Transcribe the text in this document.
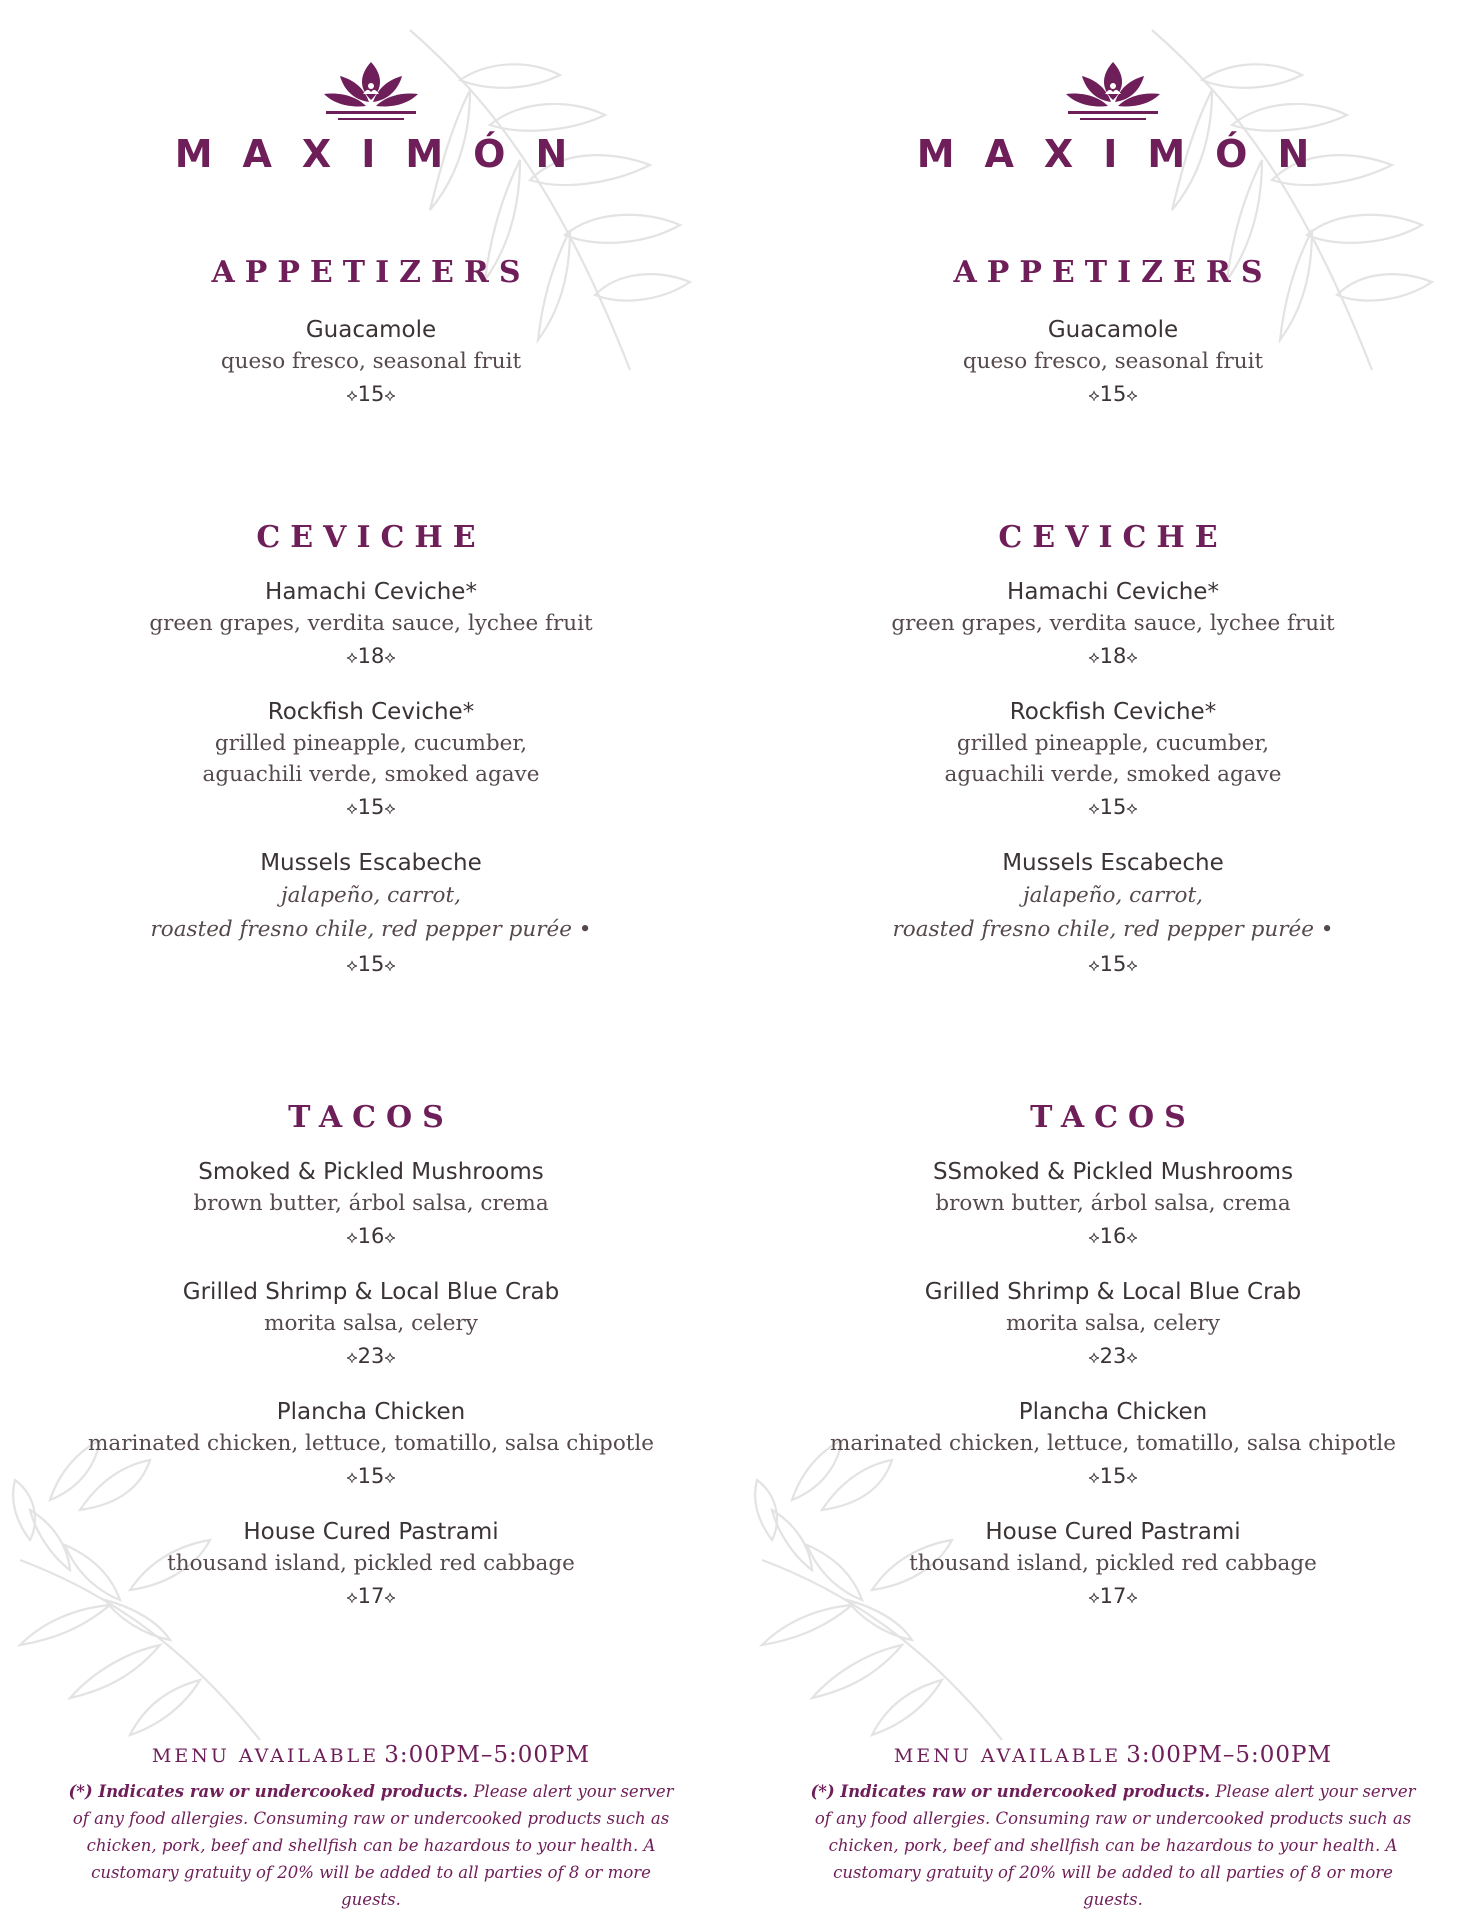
MAXIMÓN
APPETIZERS
Guacamole
queso fresco, seasonal fruit
⟡15⟡
CEVICHE
Hamachi Ceviche*
green grapes, verdita sauce, lychee fruit
⟡18⟡
Rockfish Ceviche*
grilled pineapple, cucumber,
aguachili verde, smoked agave
⟡15⟡
Mussels Escabeche
jalapeño, carrot,
roasted fresno chile, red pepper purée •
⟡15⟡
TACOS
Smoked & Pickled Mushrooms
brown butter, árbol salsa, crema
⟡16⟡
Grilled Shrimp & Local Blue Crab
morita salsa, celery
⟡23⟡
Plancha Chicken
marinated chicken, lettuce, tomatillo, salsa chipotle
⟡15⟡
House Cured Pastrami
thousand island, pickled red cabbage
⟡17⟡
MENU AVAILABLE 3:00PM–5:00PM
(*) Indicates raw or undercooked products. Please alert your server of any food allergies. Consuming raw or undercooked products such as chicken, pork, beef and shellfish can be hazardous to your health. A customary gratuity of 20% will be added to all parties of 8 or more guests.
MAXIMÓN
APPETIZERS
Guacamole
queso fresco, seasonal fruit
⟡15⟡
CEVICHE
Hamachi Ceviche*
green grapes, verdita sauce, lychee fruit
⟡18⟡
Rockfish Ceviche*
grilled pineapple, cucumber,
aguachili verde, smoked agave
⟡15⟡
Mussels Escabeche
jalapeño, carrot,
roasted fresno chile, red pepper purée •
⟡15⟡
TACOS
SSmoked & Pickled Mushrooms
brown butter, árbol salsa, crema
⟡16⟡
Grilled Shrimp & Local Blue Crab
morita salsa, celery
⟡23⟡
Plancha Chicken
marinated chicken, lettuce, tomatillo, salsa chipotle
⟡15⟡
House Cured Pastrami
thousand island, pickled red cabbage
⟡17⟡
MENU AVAILABLE 3:00PM–5:00PM
(*) Indicates raw or undercooked products. Please alert your server of any food allergies. Consuming raw or undercooked products such as chicken, pork, beef and shellfish can be hazardous to your health. A customary gratuity of 20% will be added to all parties of 8 or more guests.
